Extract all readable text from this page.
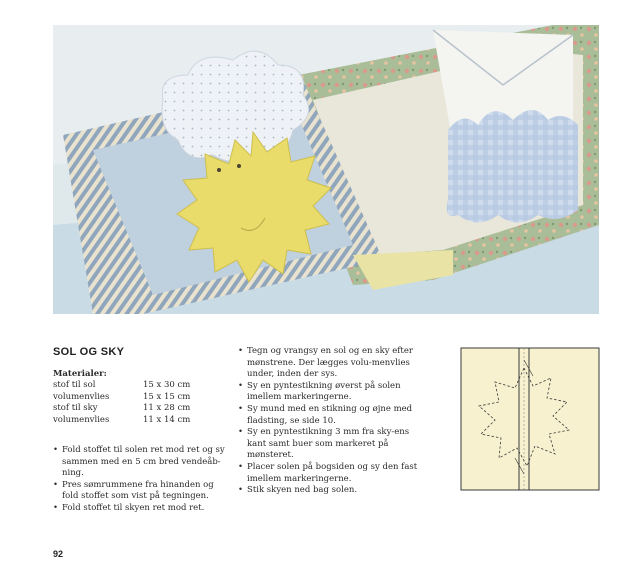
SOL OG SKY
Materialer:
stof til sol	15 x 30 cm
volumenvlies	15 x 15 cm
stof til sky	11 x 28 cm
volumenvlies	11 x 14 cm
• Fold stoffet til solen ret mod ret og sy sammen med en 5 cm bred vendeåb-ning.
• Pres sømrummene fra hinanden og fold stoffet som vist på tegningen.
• Fold stoffet til skyen ret mod ret.
• Tegn og vrangsy en sol og en sky efter mønstrene. Der lægges volu-menvlies under, inden der sys.
• Sy en pyntestikning øverst på solen imellem markeringerne.
• Sy mund med en stikning og øjne med fladsting, se side 10.
• Sy en pyntestikning 3 mm fra sky-ens kant samt buer som markeret på mønsteret.
• Placer solen på bogsiden og sy den fast imellem markeringerne.
• Stik skyen ned bag solen.
92
